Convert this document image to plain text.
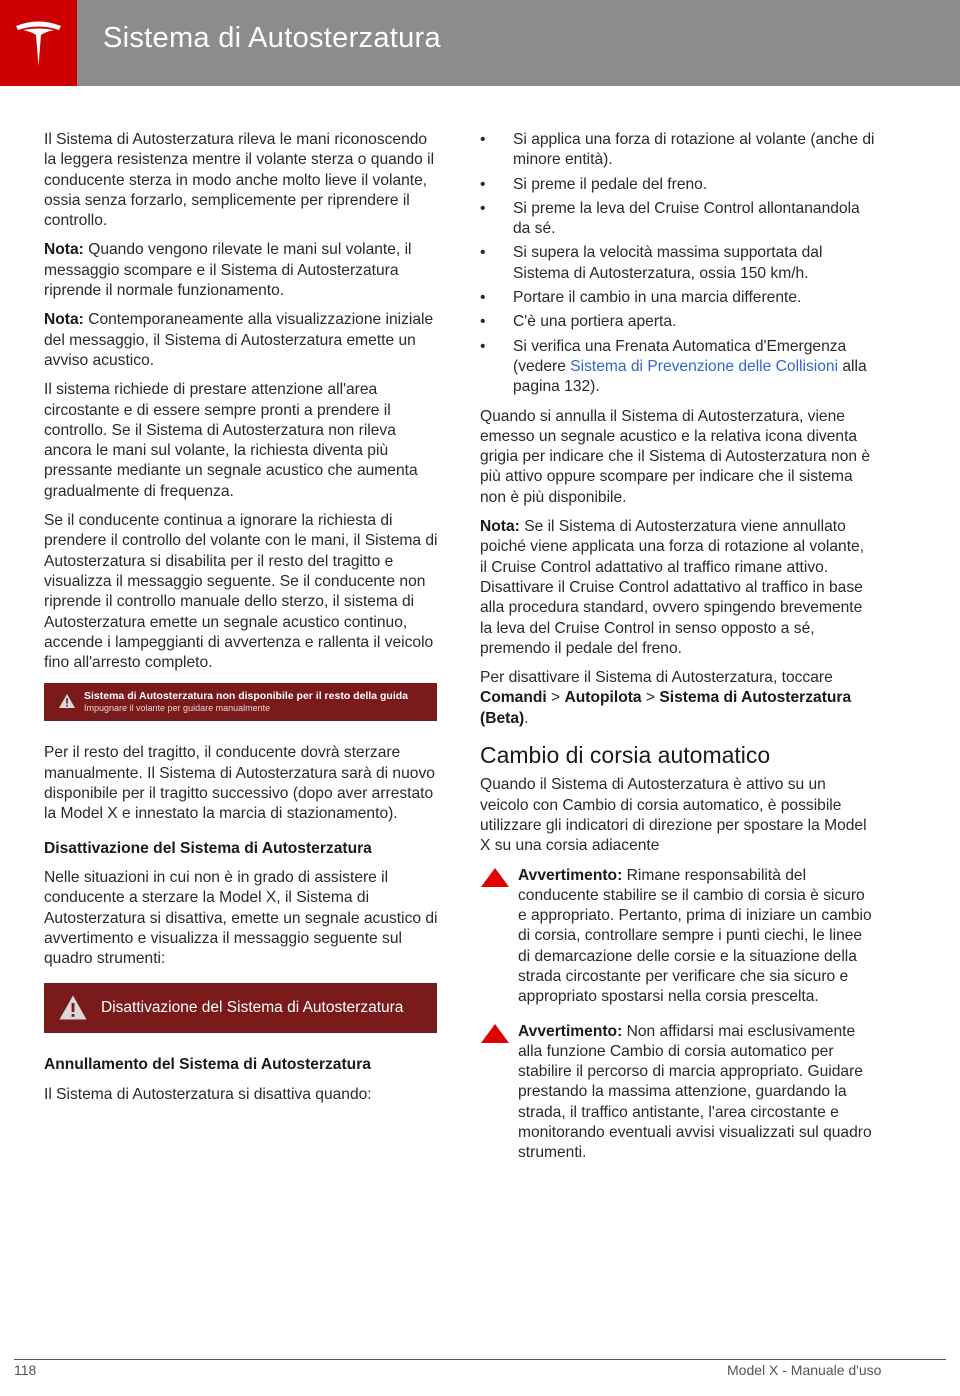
Sistema di Autosterzatura

Il Sistema di Autosterzatura rileva le mani riconoscendo la leggera resistenza mentre il volante sterza o quando il conducente sterza in modo anche molto lieve il volante, ossia senza forzarlo, semplicemente per riprendere il controllo.

Nota: Quando vengono rilevate le mani sul volante, il messaggio scompare e il Sistema di Autosterzatura riprende il normale funzionamento.

Nota: Contemporaneamente alla visualizzazione iniziale del messaggio, il Sistema di Autosterzatura emette un avviso acustico.

Il sistema richiede di prestare attenzione all'area circostante e di essere sempre pronti a prendere il controllo. Se il Sistema di Autosterzatura non rileva ancora le mani sul volante, la richiesta diventa più pressante mediante un segnale acustico che aumenta gradualmente di frequenza.

Se il conducente continua a ignorare la richiesta di prendere il controllo del volante con le mani, il Sistema di Autosterzatura si disabilita per il resto del tragitto e visualizza il messaggio seguente. Se il conducente non riprende il controllo manuale dello sterzo, il sistema di Autosterzatura emette un segnale acustico continuo, accende i lampeggianti di avvertenza e rallenta il veicolo fino all'arresto completo.

Sistema di Autosterzatura non disponibile per il resto della guida
Impugnare il volante per guidare manualmente

Per il resto del tragitto, il conducente dovrà sterzare manualmente. Il Sistema di Autosterzatura sarà di nuovo disponibile per il tragitto successivo (dopo aver arrestato la Model X e innestato la marcia di stazionamento).

Disattivazione del Sistema di Autosterzatura

Nelle situazioni in cui non è in grado di assistere il conducente a sterzare la Model X, il Sistema di Autosterzatura si disattiva, emette un segnale acustico di avvertimento e visualizza il messaggio seguente sul quadro strumenti:

Disattivazione del Sistema di Autosterzatura
Annullamento del Sistema di Autosterzatura

Il Sistema di Autosterzatura si disattiva quando:

• Si applica una forza di rotazione al volante (anche di minore entità).
• Si preme il pedale del freno.
• Si preme la leva del Cruise Control allontanandola da sé.
• Si supera la velocità massima supportata dal Sistema di Autosterzatura, ossia 150 km/h.
• Portare il cambio in una marcia differente.
• C'è una portiera aperta.
• Si verifica una Frenata Automatica d'Emergenza (vedere Sistema di Prevenzione delle Collisioni alla pagina 132).

Quando si annulla il Sistema di Autosterzatura, viene emesso un segnale acustico e la relativa icona diventa grigia per indicare che il Sistema di Autosterzatura non è più attivo oppure scompare per indicare che il sistema non è più disponibile.

Nota: Se il Sistema di Autosterzatura viene annullato poiché viene applicata una forza di rotazione al volante, il Cruise Control adattativo al traffico rimane attivo. Disattivare il Cruise Control adattativo al traffico in base alla procedura standard, ovvero spingendo brevemente la leva del Cruise Control in senso opposto a sé, premendo il pedale del freno.

Per disattivare il Sistema di Autosterzatura, toccare Comandi > Autopilota > Sistema di Autosterzatura (Beta).

Cambio di corsia automatico

Quando il Sistema di Autosterzatura è attivo su un veicolo con Cambio di corsia automatico, è possibile utilizzare gli indicatori di direzione per spostare la Model X su una corsia adiacente

Avvertimento: Rimane responsabilità del conducente stabilire se il cambio di corsia è sicuro e appropriato. Pertanto, prima di iniziare un cambio di corsia, controllare sempre i punti ciechi, le linee di demarcazione delle corsie e la situazione della strada circostante per verificare che sia sicuro e appropriato spostarsi nella corsia prescelta.
Avvertimento: Non affidarsi mai esclusivamente alla funzione Cambio di corsia automatico per stabilire il percorso di marcia appropriato. Guidare prestando la massima attenzione, guardando la strada, il traffico antistante, l'area circostante e monitorando eventuali avvisi visualizzati sul quadro strumenti.
118	Model X - Manuale d'uso
